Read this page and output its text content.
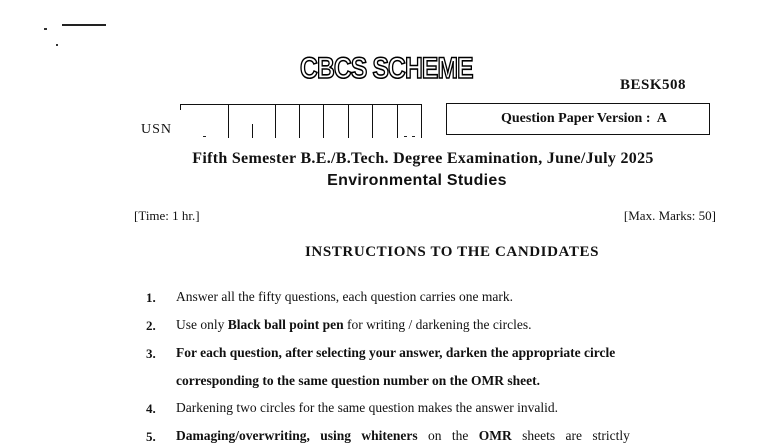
CBCS SCHEME	BESK508
USN
Question Paper Version : A
Fifth Semester B.E./B.Tech. Degree Examination, June/July 2025
Environmental Studies
[Time: 1 hr.]	[Max. Marks: 50]
INSTRUCTIONS TO THE CANDIDATES
1. Answer all the fifty questions, each question carries one mark.
2. Use only Black ball point pen for writing / darkening the circles.
3. For each question, after selecting your answer, darken the appropriate circle
corresponding to the same question number on the OMR sheet.
4. Darkening two circles for the same question makes the answer invalid.
5. Damaging/overwriting, using whiteners on the OMR sheets are strictly
